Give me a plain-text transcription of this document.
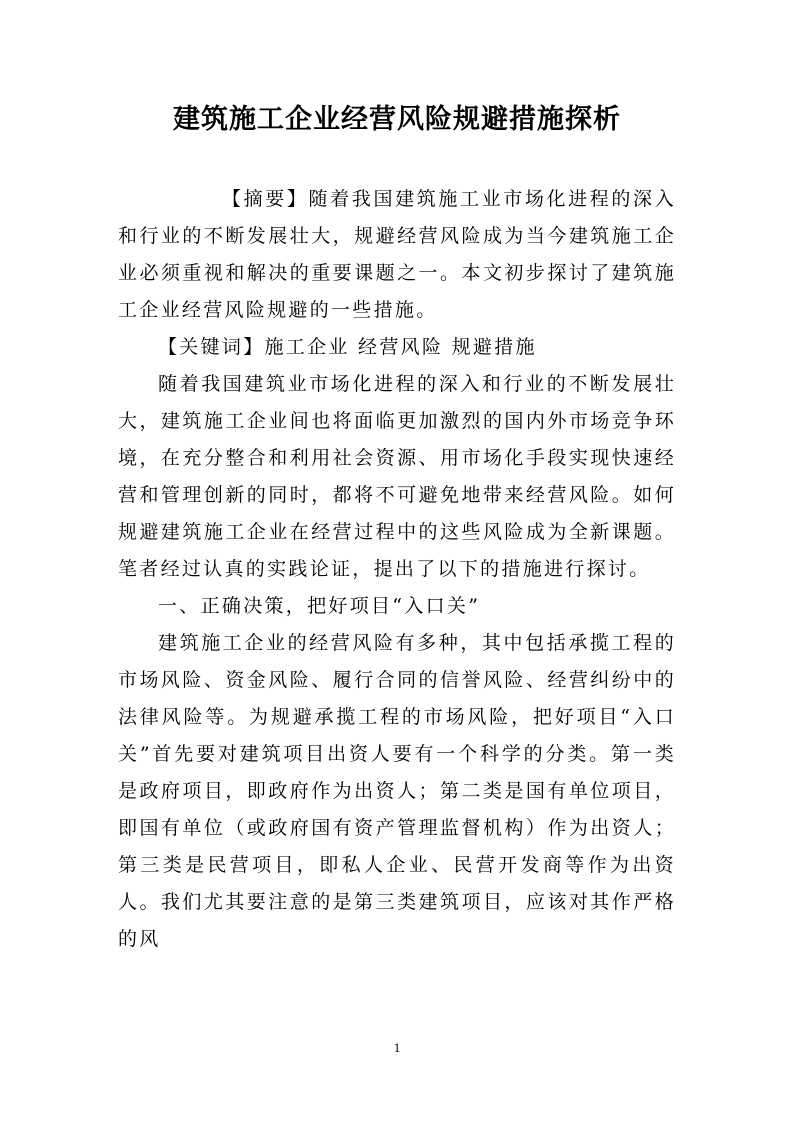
建筑施工企业经营风险规避措施探析

【摘要】随着我国建筑施工业市场化进程的深入和行业的不断发展壮大，规避经营风险成为当今建筑施工企业必须重视和解决的重要课题之一。本文初步探讨了建筑施工企业经营风险规避的一些措施。

【关键词】施工企业 经营风险 规避措施

随着我国建筑业市场化进程的深入和行业的不断发展壮大，建筑施工企业间也将面临更加激烈的国内外市场竞争环境，在充分整合和利用社会资源、用市场化手段实现快速经营和管理创新的同时，都将不可避免地带来经营风险。如何规避建筑施工企业在经营过程中的这些风险成为全新课题。笔者经过认真的实践论证，提出了以下的措施进行探讨。

一、正确决策，把好项目“入口关”

建筑施工企业的经营风险有多种，其中包括承揽工程的市场风险、资金风险、履行合同的信誉风险、经营纠纷中的法律风险等。为规避承揽工程的市场风险，把好项目“入口关”首先要对建筑项目出资人要有一个科学的分类。第一类是政府项目，即政府作为出资人；第二类是国有单位项目，即国有单位（或政府国有资产管理监督机构）作为出资人；第三类是民营项目，即私人企业、民营开发商等作为出资人。我们尤其要注意的是第三类建筑项目，应该对其作严格的风

1
